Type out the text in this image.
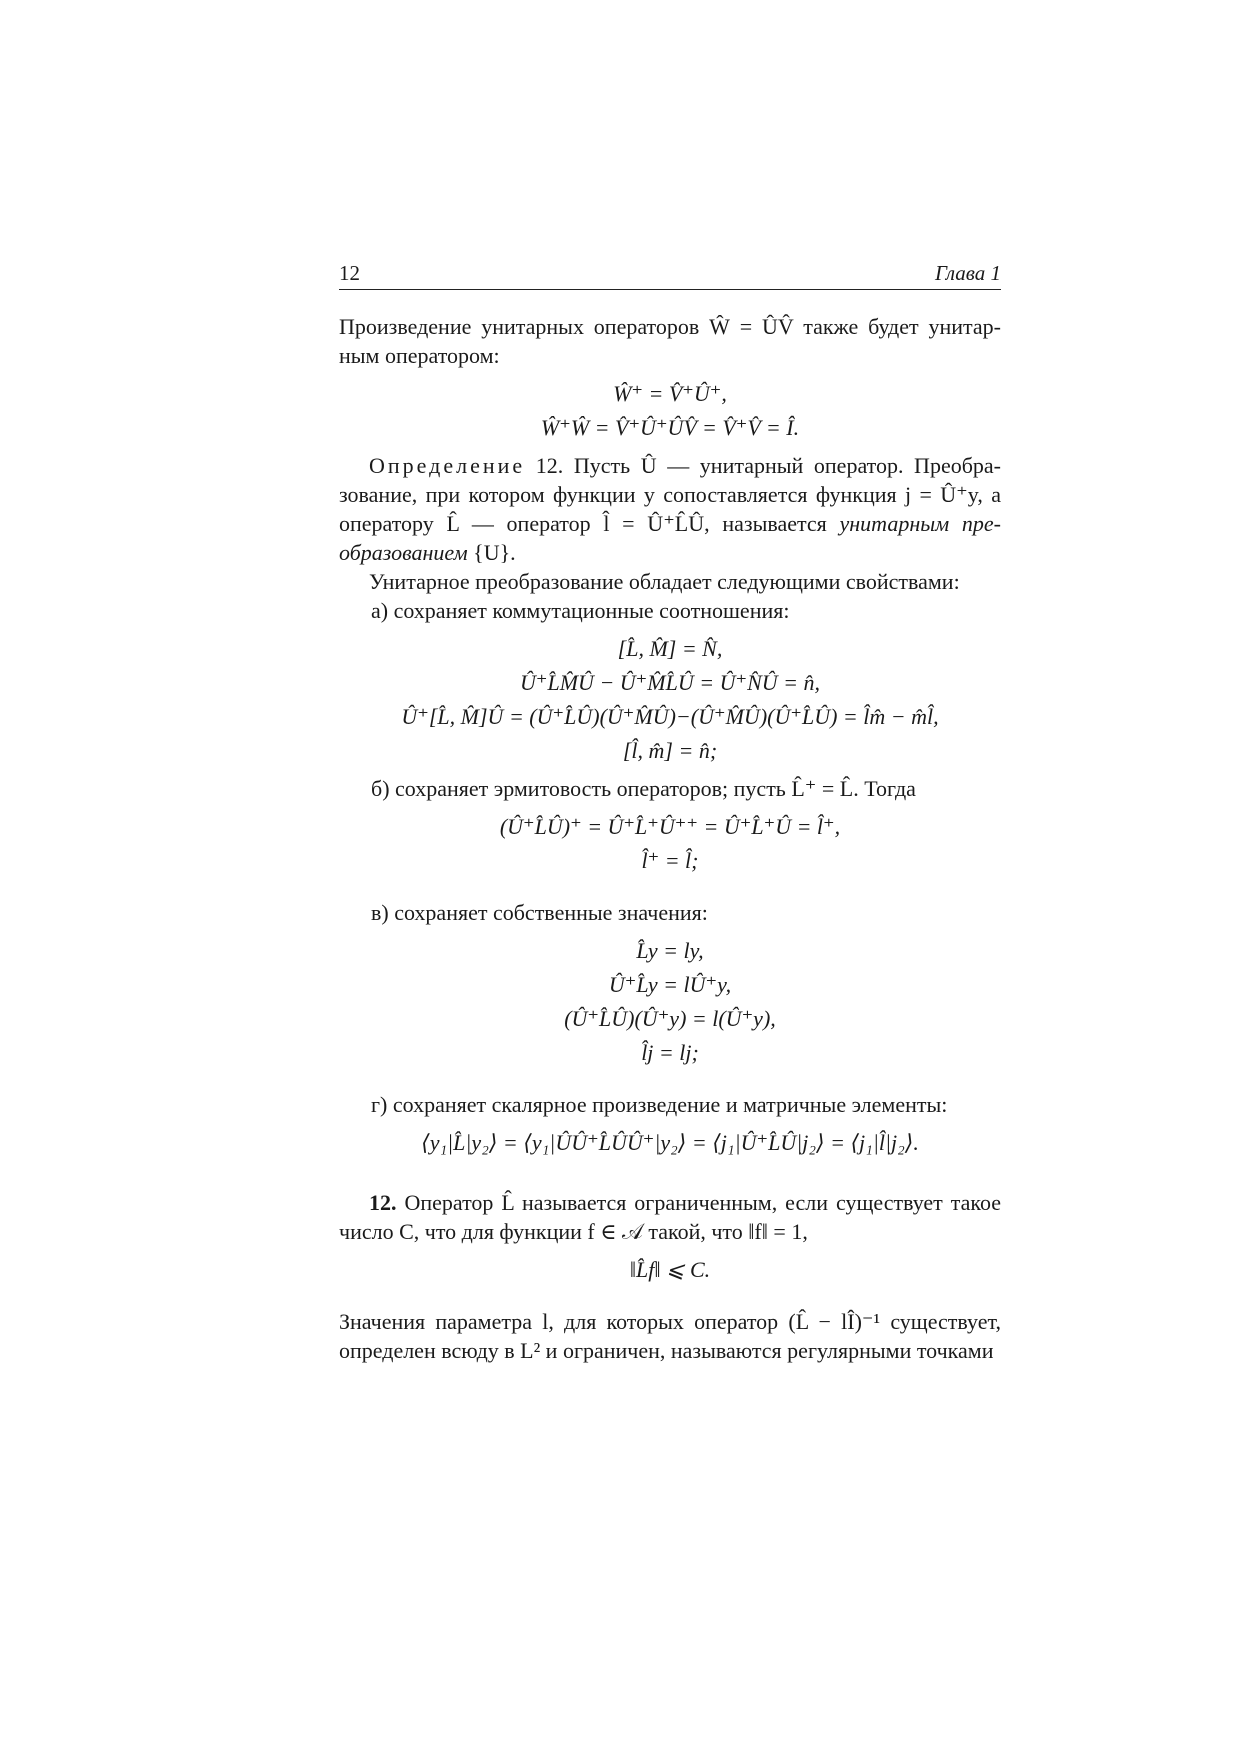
12	Глава 1

Произведение унитарных операторов Ŵ = ÛV̂ также будет унитар-ным оператором:

Ŵ⁺ = V̂⁺Û⁺,
Ŵ⁺Ŵ = V̂⁺Û⁺ÛV̂ = V̂⁺V̂ = Î.

Определение 12. Пусть Û — унитарный оператор. Преобра-зование, при котором функции y сопоставляется функция j = Û⁺y, а оператору L̂ — оператор l̂ = Û⁺L̂Û, называется унитарным пре-образованием {U}.

Унитарное преобразование обладает следующими свойствами:

а) сохраняет коммутационные соотношения:

[L̂, M̂] = N̂,
Û⁺L̂M̂Û − Û⁺M̂L̂Û = Û⁺N̂Û = n̂,
Û⁺[L̂, M̂]Û = (Û⁺L̂Û)(Û⁺M̂Û)−(Û⁺M̂Û)(Û⁺L̂Û) = l̂m̂ − m̂l̂,
[l̂, m̂] = n̂;

б) сохраняет эрмитовость операторов; пусть L̂⁺ = L̂. Тогда

(Û⁺L̂Û)⁺ = Û⁺L̂⁺Û⁺⁺ = Û⁺L̂⁺Û = l̂⁺,
l̂⁺ = l̂;

в) сохраняет собственные значения:

L̂y = ly,
Û⁺L̂y = lÛ⁺y,
(Û⁺L̂Û)(Û⁺y) = l(Û⁺y),
l̂j = lj;

г) сохраняет скалярное произведение и матричные элементы:

⟨y₁|L̂|y₂⟩ = ⟨y₁|ÛÛ⁺L̂ÛÛ⁺|y₂⟩ = ⟨j₁|Û⁺L̂Û|j₂⟩ = ⟨j₁|l̂|j₂⟩.

12. Оператор L̂ называется ограниченным, если существует такое число C, что для функции f ∈ 𝒜 такой, что ‖f‖ = 1,

‖L̂f‖ ⩽ C.

Значения параметра l, для которых оператор (L̂ − lÎ)⁻¹ существует, определен всюду в L² и ограничен, называются регулярными точками
